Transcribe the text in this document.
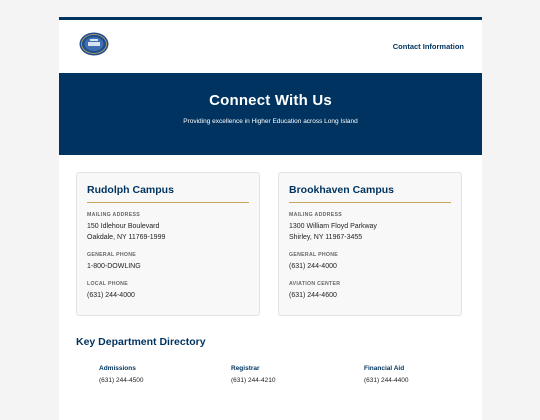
Contact Information
Connect With Us

Providing excellence in Higher Education across Long Island

Rudolph Campus
MAILING ADDRESS
150 Idlehour Boulevard
Oakdale, NY 11769-1999
GENERAL PHONE
1-800-DOWLING
LOCAL PHONE
(631) 244-4000
Brookhaven Campus
MAILING ADDRESS
1300 William Floyd Parkway
Shirley, NY 11967-3455
GENERAL PHONE
(631) 244-4000
AVIATION CENTER
(631) 244-4600
Key Department Directory
Admissions
(631) 244-4500
Registrar
(631) 244-4210
Financial Aid
(631) 244-4400
